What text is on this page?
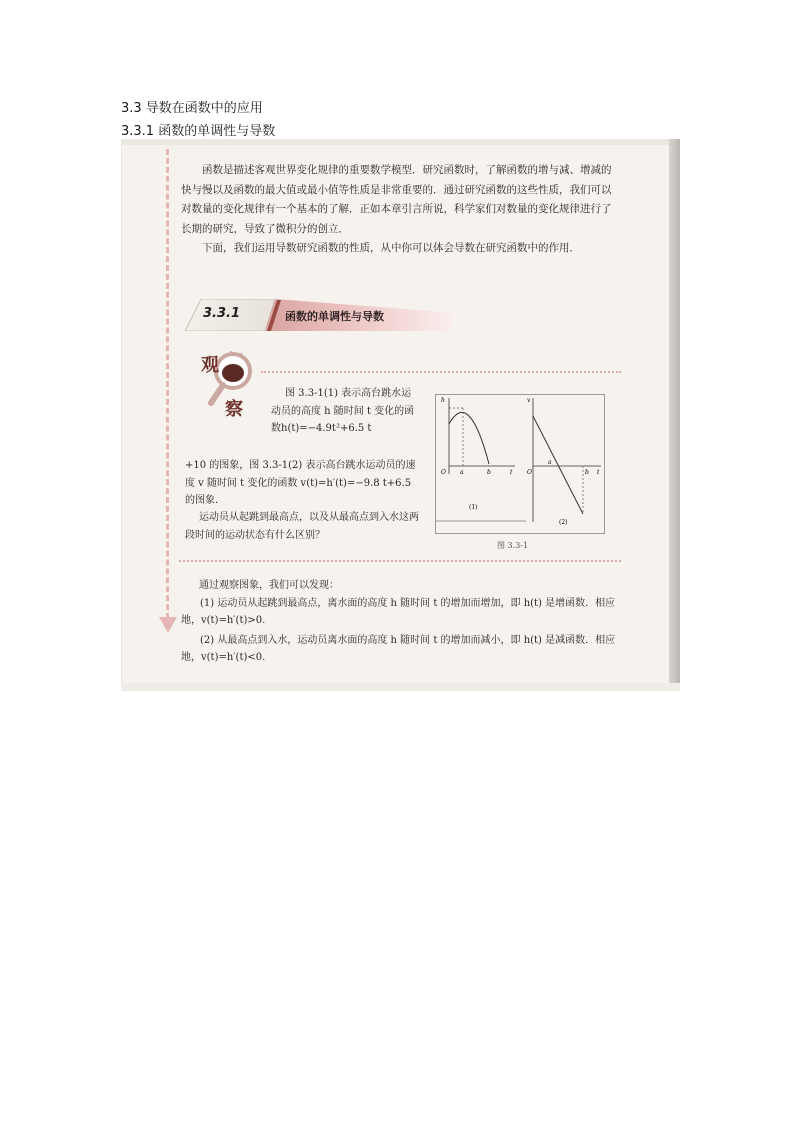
3.3 导数在函数中的应用
3.3.1 函数的单调性与导数

函数是描述客观世界变化规律的重要数学模型．研究函数时，了解函数的增与减、增减的快与慢以及函数的最大值或最小值等性质是非常重要的．通过研究函数的这些性质，我们可以对数量的变化规律有一个基本的了解．正如本章引言所说，科学家们对数量的变化规律进行了长期的研究，导致了微积分的创立．

下面，我们运用导数研究函数的性质，从中你可以体会导数在研究函数中的作用．

3.3.1	函数的单调性与导数
观
察

图 3.3-1(1) 表示高台跳水运动员的高度 h 随时间 t 变化的函数h(t)=−4.9t²+6.5 t

+10 的图象，图 3.3-1(2) 表示高台跳水运动员的速度 v 随时间 t 变化的函数 v(t)=h′(t)=−9.8 t+6.5 的图象．

运动员从起跳到最高点，以及从最高点到入水这两段时间的运动状态有什么区别？

h
O a	b	t
(1)
v
O
a
b t
(2)
图 3.3-1

通过观察图象，我们可以发现：

(1) 运动员从起跳到最高点，离水面的高度 h 随时间 t 的增加而增加，即 h(t) 是增函数．相应地，v(t)=h′(t)>0.

(2) 从最高点到入水，运动员离水面的高度 h 随时间 t 的增加而减小，即 h(t) 是减函数．相应地，v(t)=h′(t)<0.
